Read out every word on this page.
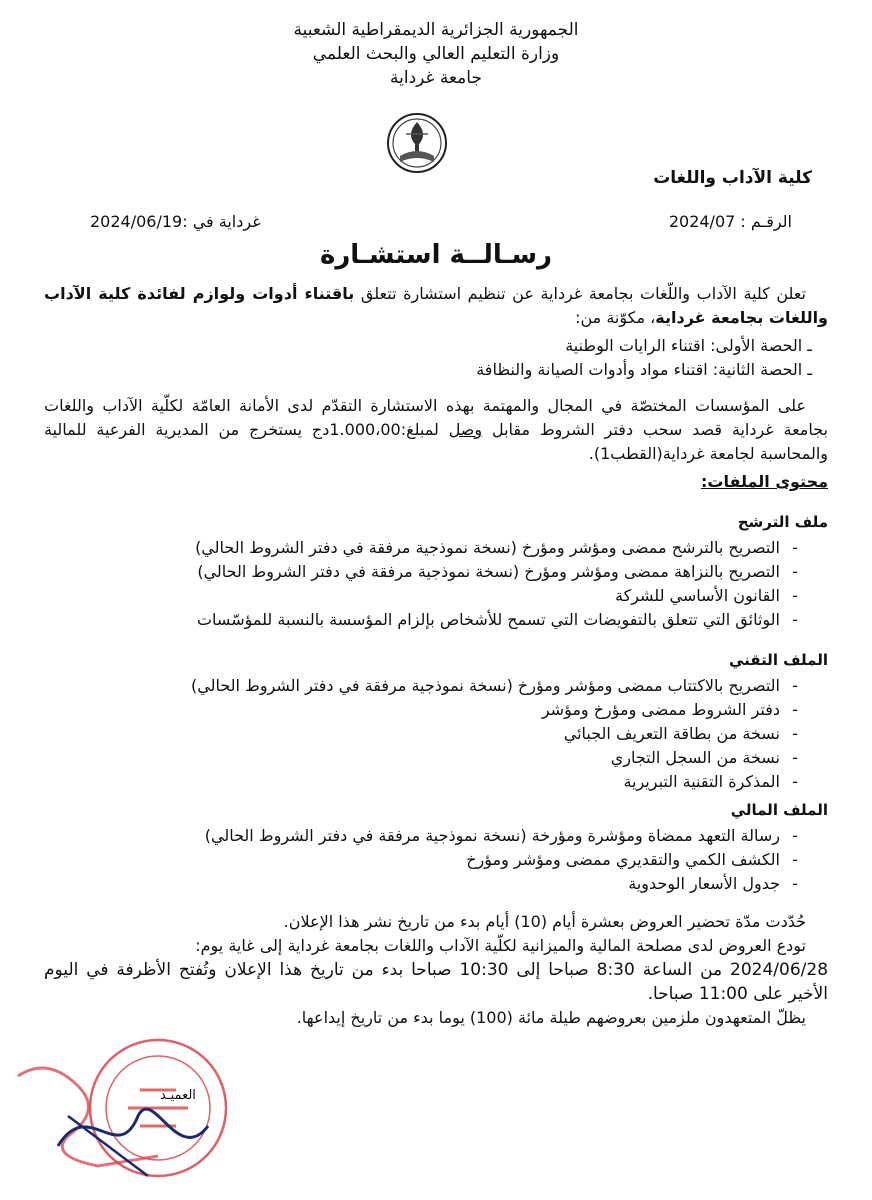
الجمهورية الجزائرية الديمقراطية الشعبية
وزارة التعليم العالي والبحث العلمي
جامعة غرداية
كلية الآداب واللغات
الرقـم : 2024/07
غرداية في :2024/06/19
رسـالــة استشـارة

تعلن كلية الآداب واللّغات بجامعة غرداية عن تنظيم استشارة تتعلق باقتناء أدوات ولوازم لفائدة كلية الآداب واللغات بجامعة غرداية، مكوّنة من:

ـ الحصة الأولى: اقتناء الرايات الوطنية
ـ الحصة الثانية: اقتناء مواد وأدوات الصيانة والنظافة

على المؤسسات المختصّة في المجال والمهتمة بهذه الاستشارة التقدّم لدى الأمانة العامّة لكلّية الآداب واللغات بجامعة غرداية قصد سحب دفتر الشروط مقابل وصل لمبلغ:1.000،00دج يستخرج من المديرية الفرعية للمالية والمحاسبة لجامعة غرداية(القطب1).

محتوى الملفات:
ملف الترشح
- التصريح بالترشح ممضى ومؤشر ومؤرخ (نسخة نموذجية مرفقة في دفتر الشروط الحالي)
- التصريح بالنزاهة ممضى ومؤشر ومؤرخ (نسخة نموذجية مرفقة في دفتر الشروط الحالي)
- القانون الأساسي للشركة
- الوثائق التي تتعلق بالتفويضات التي تسمح للأشخاص بإلزام المؤسسة بالنسبة للمؤسّسات
الملف التقني
- التصريح بالاكتتاب ممضى ومؤشر ومؤرخ (نسخة نموذجية مرفقة في دفتر الشروط الحالي)
- دفتر الشروط ممضى ومؤرخ ومؤشر
- نسخة من بطاقة التعريف الجبائي
- نسخة من السجل التجاري
- المذكرة التقنية التبريرية
الملف المالي
- رسالة التعهد ممضاة ومؤشرة ومؤرخة (نسخة نموذجية مرفقة في دفتر الشروط الحالي)
- الكشف الكمي والتقديري ممضى ومؤشر ومؤرخ
- جدول الأسعار الوحدوية

حُدّدت مدّة تحضير العروض بعشرة أيام (10) أيام بدء من تاريخ نشر هذا الإعلان.

تودع العروض لدى مصلحة المالية والميزانية لكلّية الآداب واللغات بجامعة غرداية إلى غاية يوم:

2024/06/28 من الساعة 8:30 صباحا إلى 10:30 صباحا بدء من تاريخ هذا الإعلان وتُفتح الأظرفة في اليوم الأخير على 11:00 صباحا.

يظلّ المتعهدون ملزمين بعروضهم طيلة مائة (100) يوما بدء من تاريخ إيداعها.

العميـد
